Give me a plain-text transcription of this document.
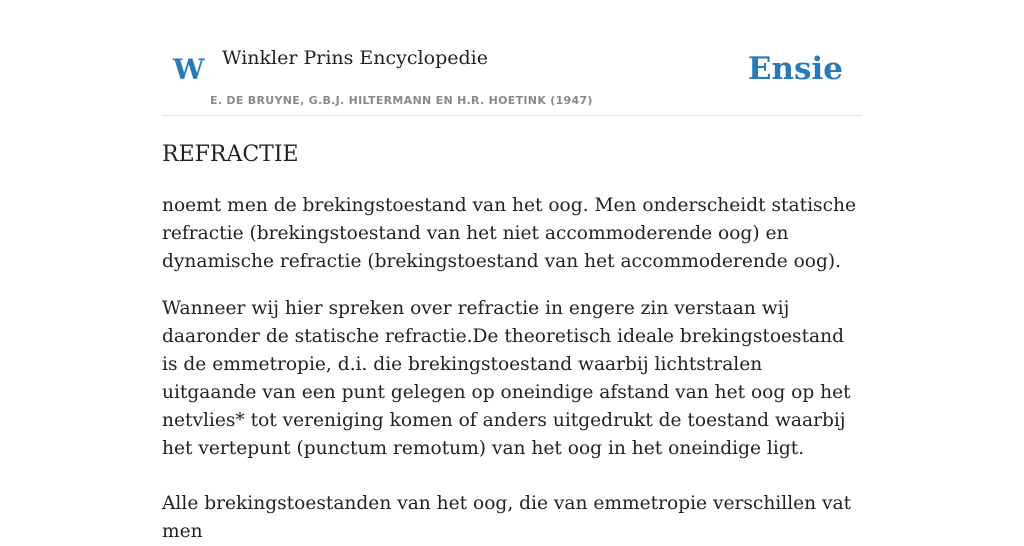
W Winkler Prins Encyclopedie	Ensie
E. DE BRUYNE, G.B.J. HILTERMANN EN H.R. HOETINK (1947)
REFRACTIE

noemt men de brekingstoestand van het oog. Men onderscheidt statische refractie (brekingstoestand van het niet accommoderende oog) en dynamische refractie (brekingstoestand van het accommoderende oog).

Wanneer wij hier spreken over refractie in engere zin verstaan wij daaronder de statische refractie.De theoretisch ideale brekingstoestand is de emmetropie, d.i. die brekingstoestand waarbij lichtstralen uitgaande van een punt gelegen op oneindige afstand van het oog op het netvlies* tot vereniging komen of anders uitgedrukt de toestand waarbij het vertepunt (punctum remotum) van het oog in het oneindige ligt.

Alle brekingstoestanden van het oog, die van emmetropie verschillen vat men
